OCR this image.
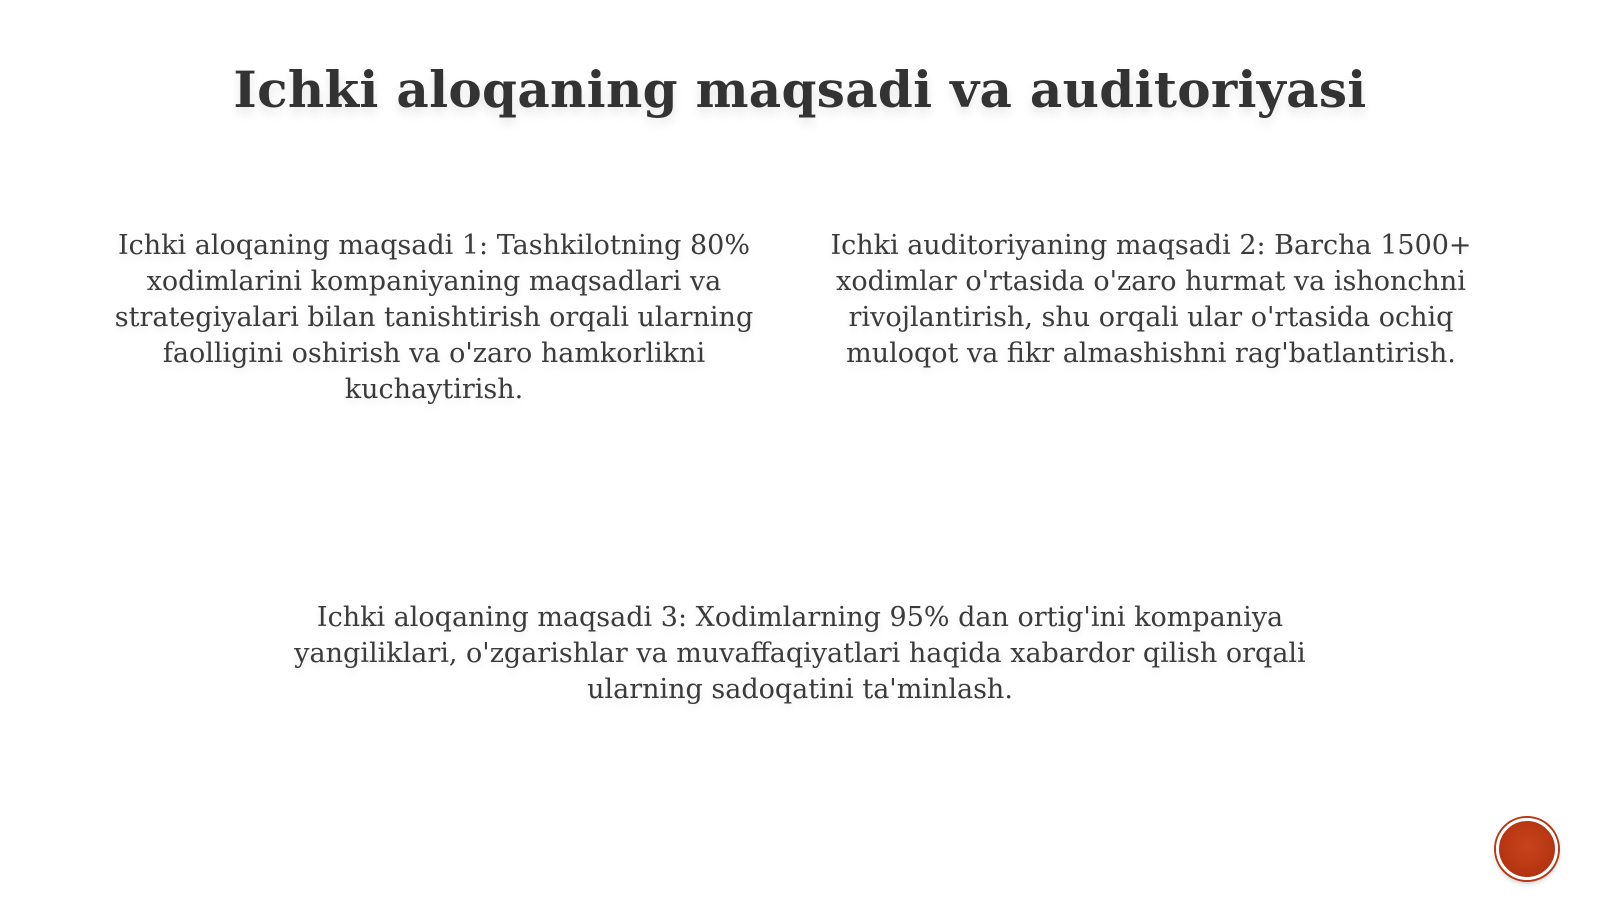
Ichki aloqaning maqsadi va auditoriyasi
Ichki aloqaning maqsadi 1: Tashkilotning 80% xodimlarini kompaniyaning maqsadlari va strategiyalari bilan tanishtirish orqali ularning faolligini oshirish va o'zaro hamkorlikni kuchaytirish.
Ichki auditoriyaning maqsadi 2: Barcha 1500+ xodimlar o'rtasida o'zaro hurmat va ishonchni rivojlantirish, shu orqali ular o'rtasida ochiq muloqot va fikr almashishni rag'batlantirish.
Ichki aloqaning maqsadi 3: Xodimlarning 95% dan ortig'ini kompaniya yangiliklari, o'zgarishlar va muvaffaqiyatlari haqida xabardor qilish orqali ularning sadoqatini ta'minlash.
